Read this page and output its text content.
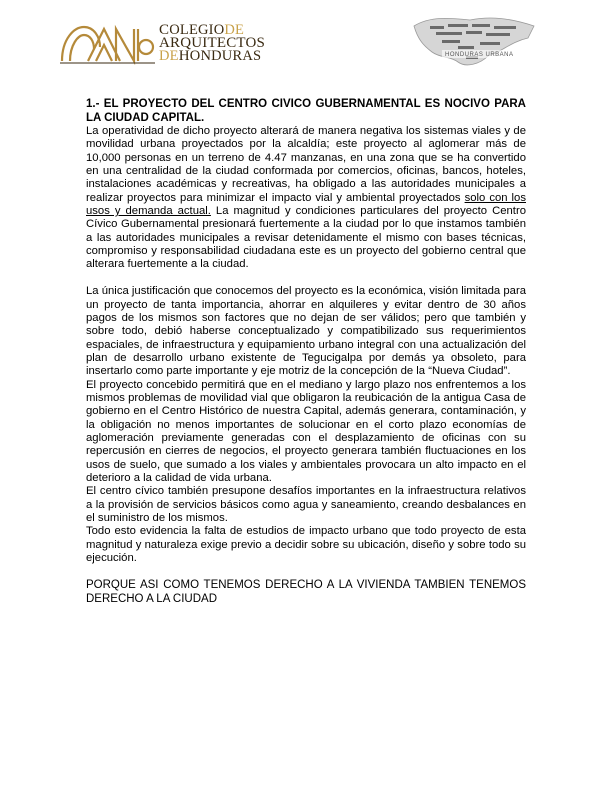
COLEGIODE
ARQUITECTOS
DEHONDURAS	HONDURAS URBANA

1.- EL PROYECTO DEL CENTRO CIVICO GUBERNAMENTAL ES NOCIVO PARA LA CIUDAD CAPITAL.

La operatividad de dicho proyecto alterará de manera negativa los sistemas viales y de movilidad urbana proyectados por la alcaldía; este proyecto al aglomerar más de 10,000 personas en un terreno de 4.47 manzanas, en una zona que se ha convertido en una centralidad de la ciudad conformada por comercios, oficinas, bancos, hoteles, instalaciones académicas y recreativas, ha obligado a las autoridades municipales a realizar proyectos para minimizar el impacto vial y ambiental proyectados solo con los usos y demanda actual. La magnitud y condiciones particulares del proyecto Centro Cívico Gubernamental presionará fuertemente a la ciudad por lo que instamos también a las autoridades municipales a revisar detenidamente el mismo con bases técnicas, compromiso y responsabilidad ciudadana este es un proyecto del gobierno central que alterara fuertemente a la ciudad.

La única justificación que conocemos del proyecto es la económica, visión limitada para un proyecto de tanta importancia, ahorrar en alquileres y evitar dentro de 30 años pagos de los mismos son factores que no dejan de ser válidos; pero que también y sobre todo, debió haberse conceptualizado y compatibilizado sus requerimientos espaciales, de infraestructura y equipamiento urbano integral con una actualización del plan de desarrollo urbano existente de Tegucigalpa por demás ya obsoleto, para insertarlo como parte importante y eje motriz de la concepción de la “Nueva Ciudad”.

El proyecto concebido permitirá que en el mediano y largo plazo nos enfrentemos a los mismos problemas de movilidad vial que obligaron la reubicación de la antigua Casa de gobierno en el Centro Histórico de nuestra Capital, además generara, contaminación, y la obligación no menos importantes de solucionar en el corto plazo economías de aglomeración previamente generadas con el desplazamiento de oficinas con su repercusión en cierres de negocios, el proyecto generara también fluctuaciones en los usos de suelo, que sumado a los viales y ambientales provocara un alto impacto en el deterioro a la calidad de vida urbana.

El centro cívico también presupone desafíos importantes en la infraestructura relativos a la provisión de servicios básicos como agua y saneamiento, creando desbalances en el suministro de los mismos.

Todo esto evidencia la falta de estudios de impacto urbano que todo proyecto de esta magnitud y naturaleza exige previo a decidir sobre su ubicación, diseño y sobre todo su ejecución.

PORQUE ASI COMO TENEMOS DERECHO A LA VIVIENDA TAMBIEN TENEMOS DERECHO A LA CIUDAD
